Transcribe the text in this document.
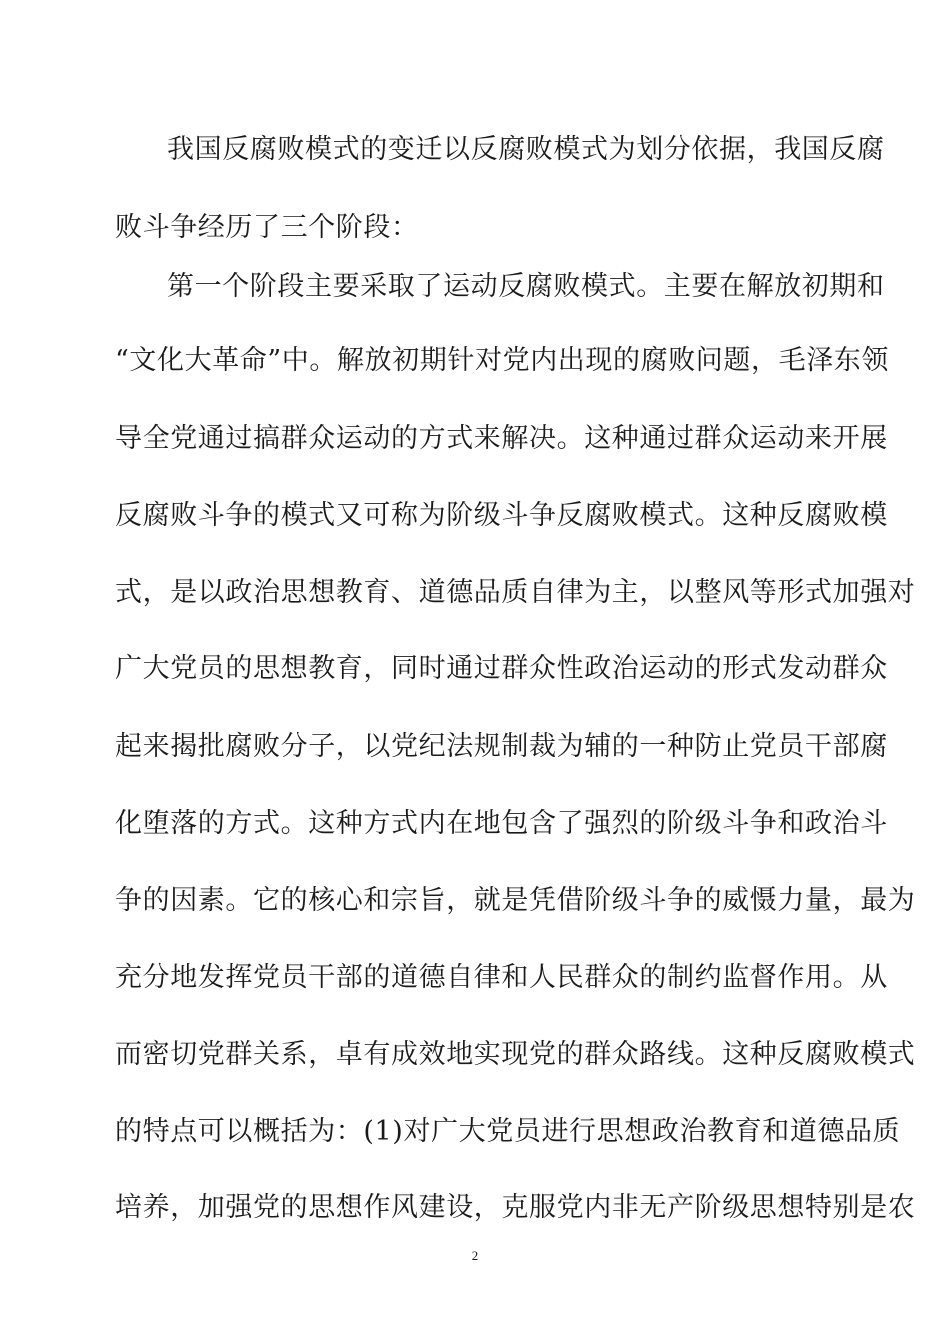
我国反腐败模式的变迁以反腐败模式为划分依据，我国反腐
败斗争经历了三个阶段：
第一个阶段主要采取了运动反腐败模式。主要在解放初期和
“文化大革命”中。解放初期针对党内出现的腐败问题，毛泽东领
导全党通过搞群众运动的方式来解决。这种通过群众运动来开展
反腐败斗争的模式又可称为阶级斗争反腐败模式。这种反腐败模
式，是以政治思想教育、道德品质自律为主，以整风等形式加强对
广大党员的思想教育，同时通过群众性政治运动的形式发动群众
起来揭批腐败分子，以党纪法规制裁为辅的一种防止党员干部腐
化堕落的方式。这种方式内在地包含了强烈的阶级斗争和政治斗
争的因素。它的核心和宗旨，就是凭借阶级斗争的威慑力量，最为
充分地发挥党员干部的道德自律和人民群众的制约监督作用。从
而密切党群关系，卓有成效地实现党的群众路线。这种反腐败模式
的特点可以概括为：(1)对广大党员进行思想政治教育和道德品质
培养，加强党的思想作风建设，克服党内非无产阶级思想特别是农
2
